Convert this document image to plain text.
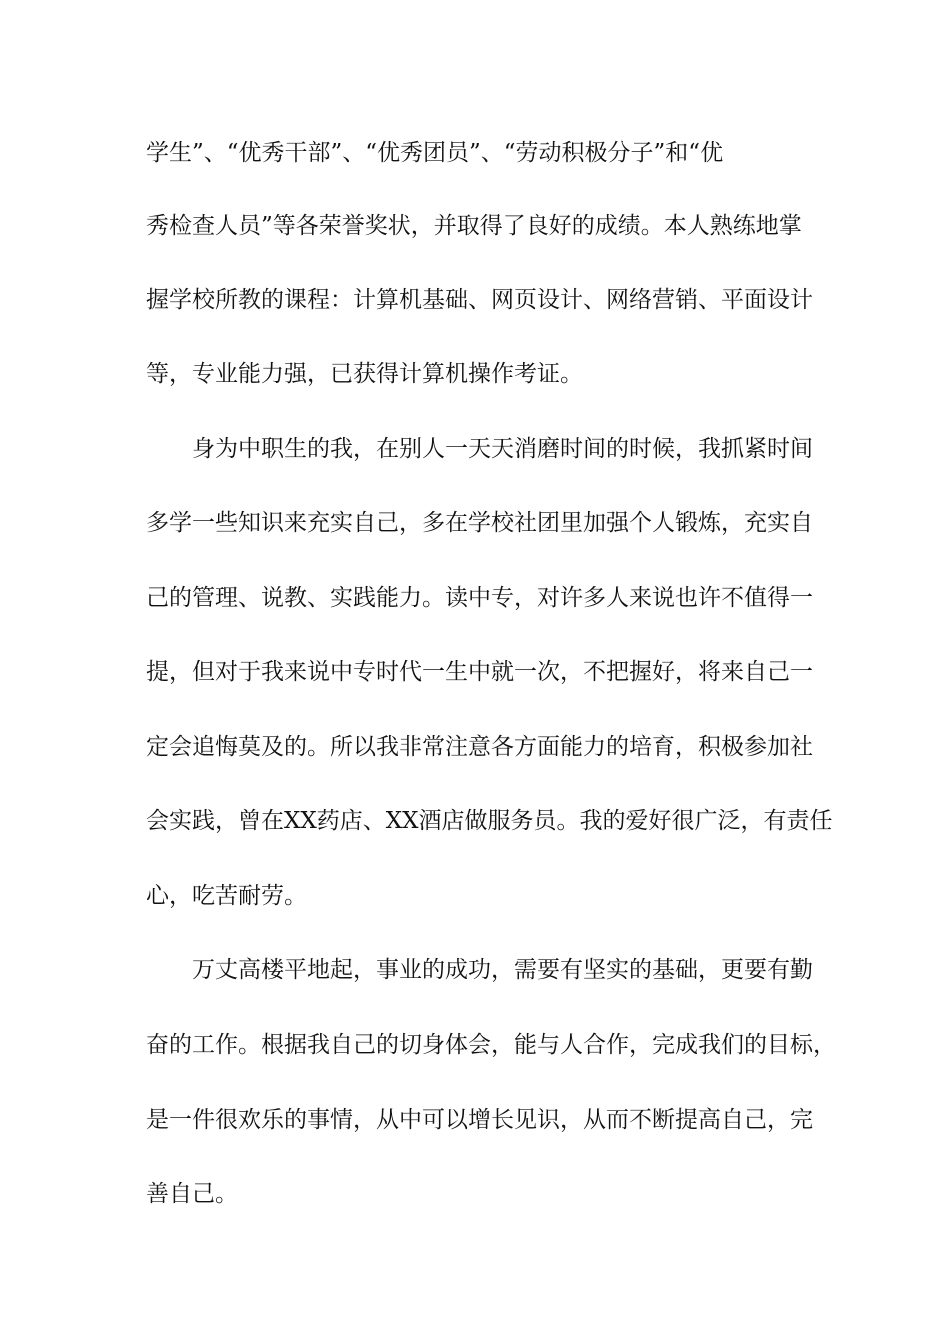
学生”、“优秀干部”、“优秀团员”、“劳动积极分子”和“优
秀检查人员”等各荣誉奖状，并取得了良好的成绩。本人熟练地掌
握学校所教的课程：计算机基础、网页设计、网络营销、平面设计
等，专业能力强，已获得计算机操作考证。
身为中职生的我，在别人一天天消磨时间的时候，我抓紧时间
多学一些知识来充实自己，多在学校社团里加强个人锻炼，充实自
己的管理、说教、实践能力。读中专，对许多人来说也许不值得一
提，但对于我来说中专时代一生中就一次，不把握好，将来自己一
定会追悔莫及的。所以我非常注意各方面能力的培育，积极参加社
会实践，曾在XX药店、XX酒店做服务员。我的爱好很广泛，有责任
心，吃苦耐劳。
万丈高楼平地起，事业的成功，需要有坚实的基础，更要有勤
奋的工作。根据我自己的切身体会，能与人合作，完成我们的目标，
是一件很欢乐的事情，从中可以增长见识，从而不断提高自己，完
善自己。
